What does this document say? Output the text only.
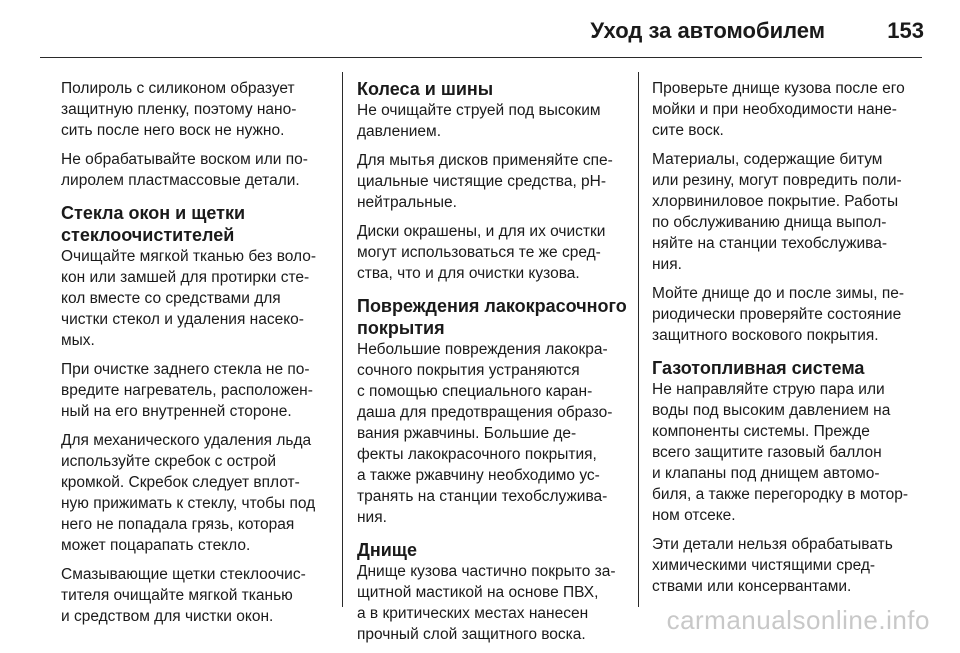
Уход за автомобилем	153

Полироль с силиконом образует
защитную пленку, поэтому нано-
сить после него воск не нужно.

Не обрабатывайте воском или по-
лиролем пластмассовые детали.

Стекла окон и щетки
стеклоочистителей

Очищайте мягкой тканью без воло-
кон или замшей для протирки сте-
кол вместе со средствами для
чистки стекол и удаления насеко-
мых.

При очистке заднего стекла не по-
вредите нагреватель, расположен-
ный на его внутренней стороне.

Для механического удаления льда
используйте скребок с острой
кромкой. Скребок следует вплот-
ную прижимать к стеклу, чтобы под
него не попадала грязь, которая
может поцарапать стекло.

Смазывающие щетки стеклоочис-
тителя очищайте мягкой тканью
и средством для чистки окон.

Колеса и шины

Не очищайте струей под высоким
давлением.

Для мытья дисков применяйте спе-
циальные чистящие средства, pH-
нейтральные.

Диски окрашены, и для их очистки
могут использоваться те же сред-
ства, что и для очистки кузова.

Повреждения лакокрасочного
покрытия

Небольшие повреждения лакокра-
сочного покрытия устраняются
с помощью специального каран-
даша для предотвращения образо-
вания ржавчины. Большие де-
фекты лакокрасочного покрытия,
а также ржавчину необходимо ус-
транять на станции техобслужива-
ния.

Днище

Днище кузова частично покрыто за-
щитной мастикой на основе ПВХ,
а в критических местах нанесен
прочный слой защитного воска.

Проверьте днище кузова после его
мойки и при необходимости нане-
сите воск.

Материалы, содержащие битум
или резину, могут повредить поли-
хлорвиниловое покрытие. Работы
по обслуживанию днища выпол-
няйте на станции техобслужива-
ния.

Мойте днище до и после зимы, пе-
риодически проверяйте состояние
защитного воскового покрытия.

Газотопливная система

Не направляйте струю пара или
воды под высоким давлением на
компоненты системы. Прежде
всего защитите газовый баллон
и клапаны под днищем автомо-
биля, а также перегородку в мотор-
ном отсеке.

Эти детали нельзя обрабатывать
химическими чистящими сред-
ствами или консервантами.

carmanualsonline.info
